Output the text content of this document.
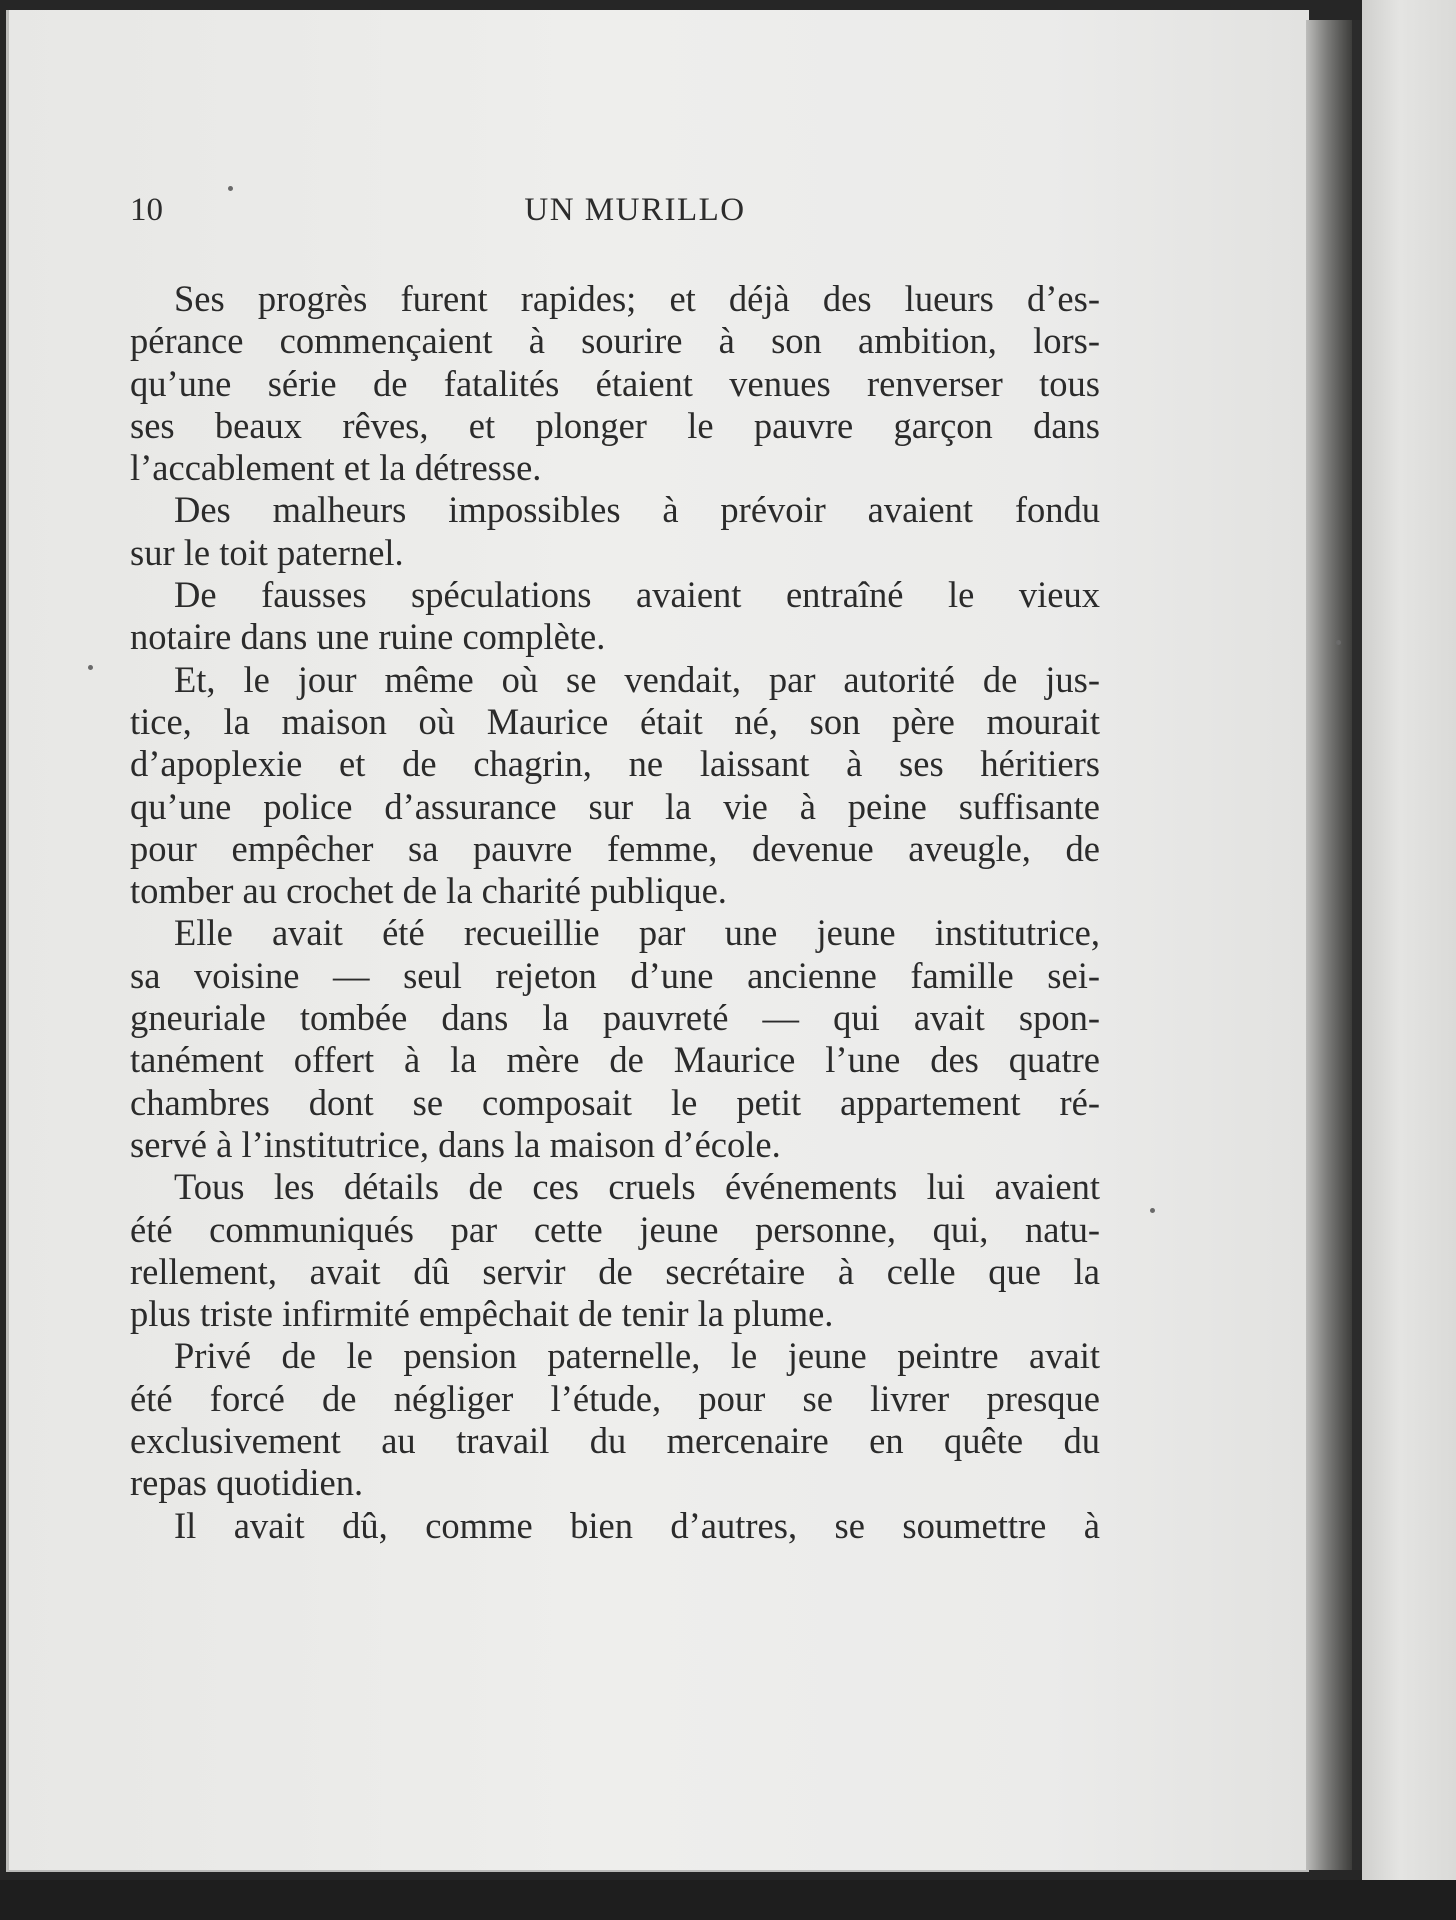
10	UN MURILLO
Ses progrès furent rapides; et déjà des lueurs d’es-
pérance commençaient à sourire à son ambition, lors-
qu’une série de fatalités étaient venues renverser tous
ses beaux rêves, et plonger le pauvre garçon dans
l’accablement et la détresse.
Des malheurs impossibles à prévoir avaient fondu
sur le toit paternel.
De fausses spéculations avaient entraîné le vieux
notaire dans une ruine complète.
Et, le jour même où se vendait, par autorité de jus-
tice, la maison où Maurice était né, son père mourait
d’apoplexie et de chagrin, ne laissant à ses héritiers
qu’une police d’assurance sur la vie à peine suffisante
pour empêcher sa pauvre femme, devenue aveugle, de
tomber au crochet de la charité publique.
Elle avait été recueillie par une jeune institutrice,
sa voisine — seul rejeton d’une ancienne famille sei-
gneuriale tombée dans la pauvreté — qui avait spon-
tanément offert à la mère de Maurice l’une des quatre
chambres dont se composait le petit appartement ré-
servé à l’institutrice, dans la maison d’école.
Tous les détails de ces cruels événements lui avaient
été communiqués par cette jeune personne, qui, natu-
rellement, avait dû servir de secrétaire à celle que la
plus triste infirmité empêchait de tenir la plume.
Privé de le pension paternelle, le jeune peintre avait
été forcé de négliger l’étude, pour se livrer presque
exclusivement au travail du mercenaire en quête du
repas quotidien.
Il avait dû, comme bien d’autres, se soumettre à
